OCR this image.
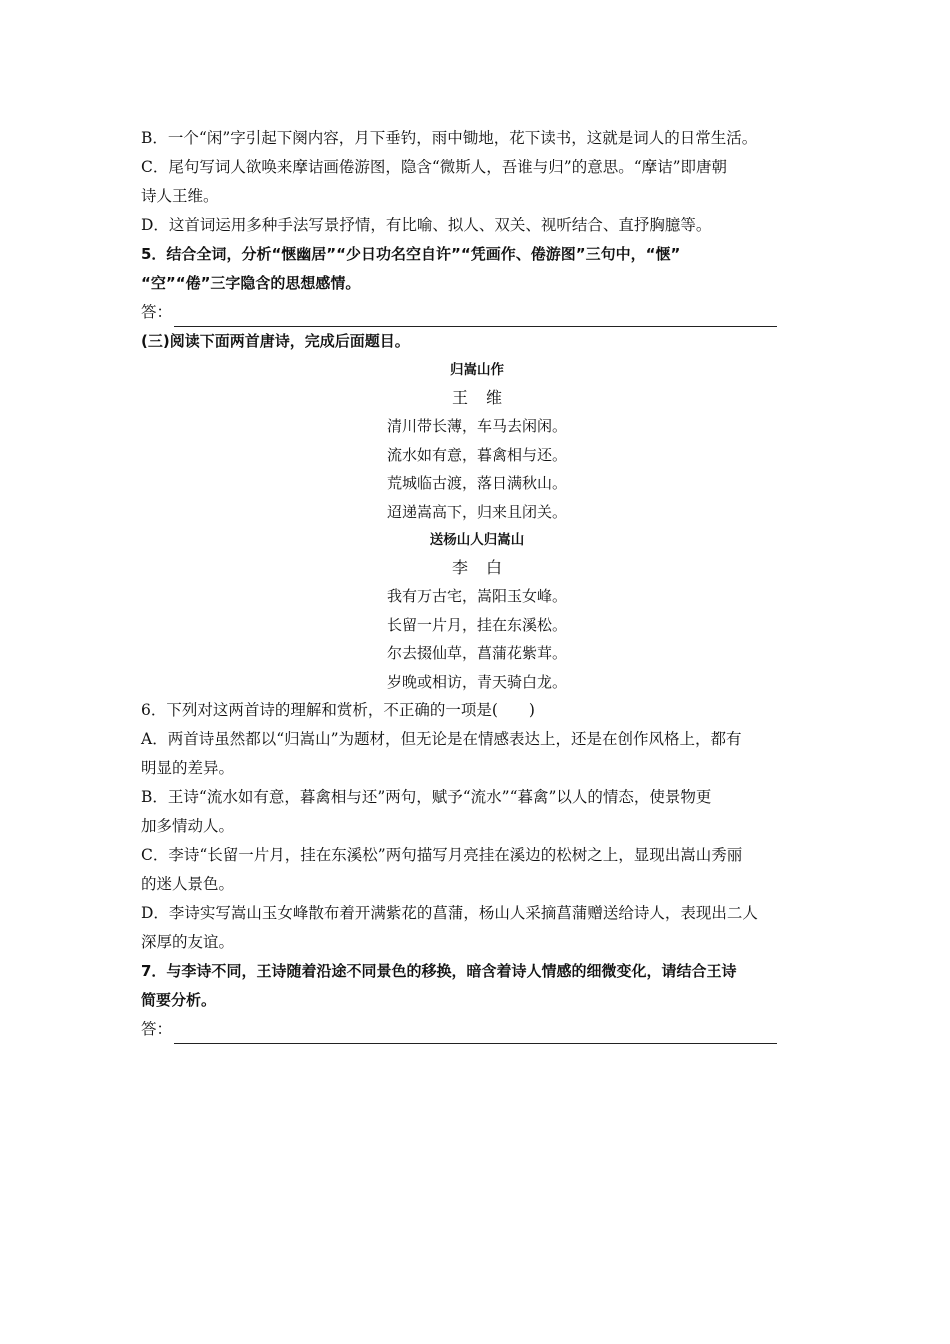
B．一个“闲”字引起下阕内容，月下垂钓，雨中锄地，花下读书，这就是词人的日常生活。
C．尾句写词人欲唤来摩诘画倦游图，隐含“微斯人，吾谁与归”的意思。“摩诘”即唐朝
诗人王维。
D．这首词运用多种手法写景抒情，有比喻、拟人、双关、视听结合、直抒胸臆等。
5．结合全词，分析“惬幽居”“少日功名空自许”“凭画作、倦游图”三句中，“惬”
“空”“倦”三字隐含的思想感情。
答：
(三)阅读下面两首唐诗，完成后面题目。
归嵩山作
王 维
清川带长薄，车马去闲闲。
流水如有意，暮禽相与还。
荒城临古渡，落日满秋山。
迢递嵩高下，归来且闭关。
送杨山人归嵩山
李 白
我有万古宅，嵩阳玉女峰。
长留一片月，挂在东溪松。
尔去掇仙草，菖蒲花紫茸。
岁晚或相访，青天骑白龙。
6．下列对这两首诗的理解和赏析，不正确的一项是(　　)
A．两首诗虽然都以“归嵩山”为题材，但无论是在情感表达上，还是在创作风格上，都有
明显的差异。
B．王诗“流水如有意，暮禽相与还”两句，赋予“流水”“暮禽”以人的情态，使景物更
加多情动人。
C．李诗“长留一片月，挂在东溪松”两句描写月亮挂在溪边的松树之上，显现出嵩山秀丽
的迷人景色。
D．李诗实写嵩山玉女峰散布着开满紫花的菖蒲，杨山人采摘菖蒲赠送给诗人，表现出二人
深厚的友谊。
7．与李诗不同，王诗随着沿途不同景色的移换，暗含着诗人情感的细微变化，请结合王诗
简要分析。
答：
